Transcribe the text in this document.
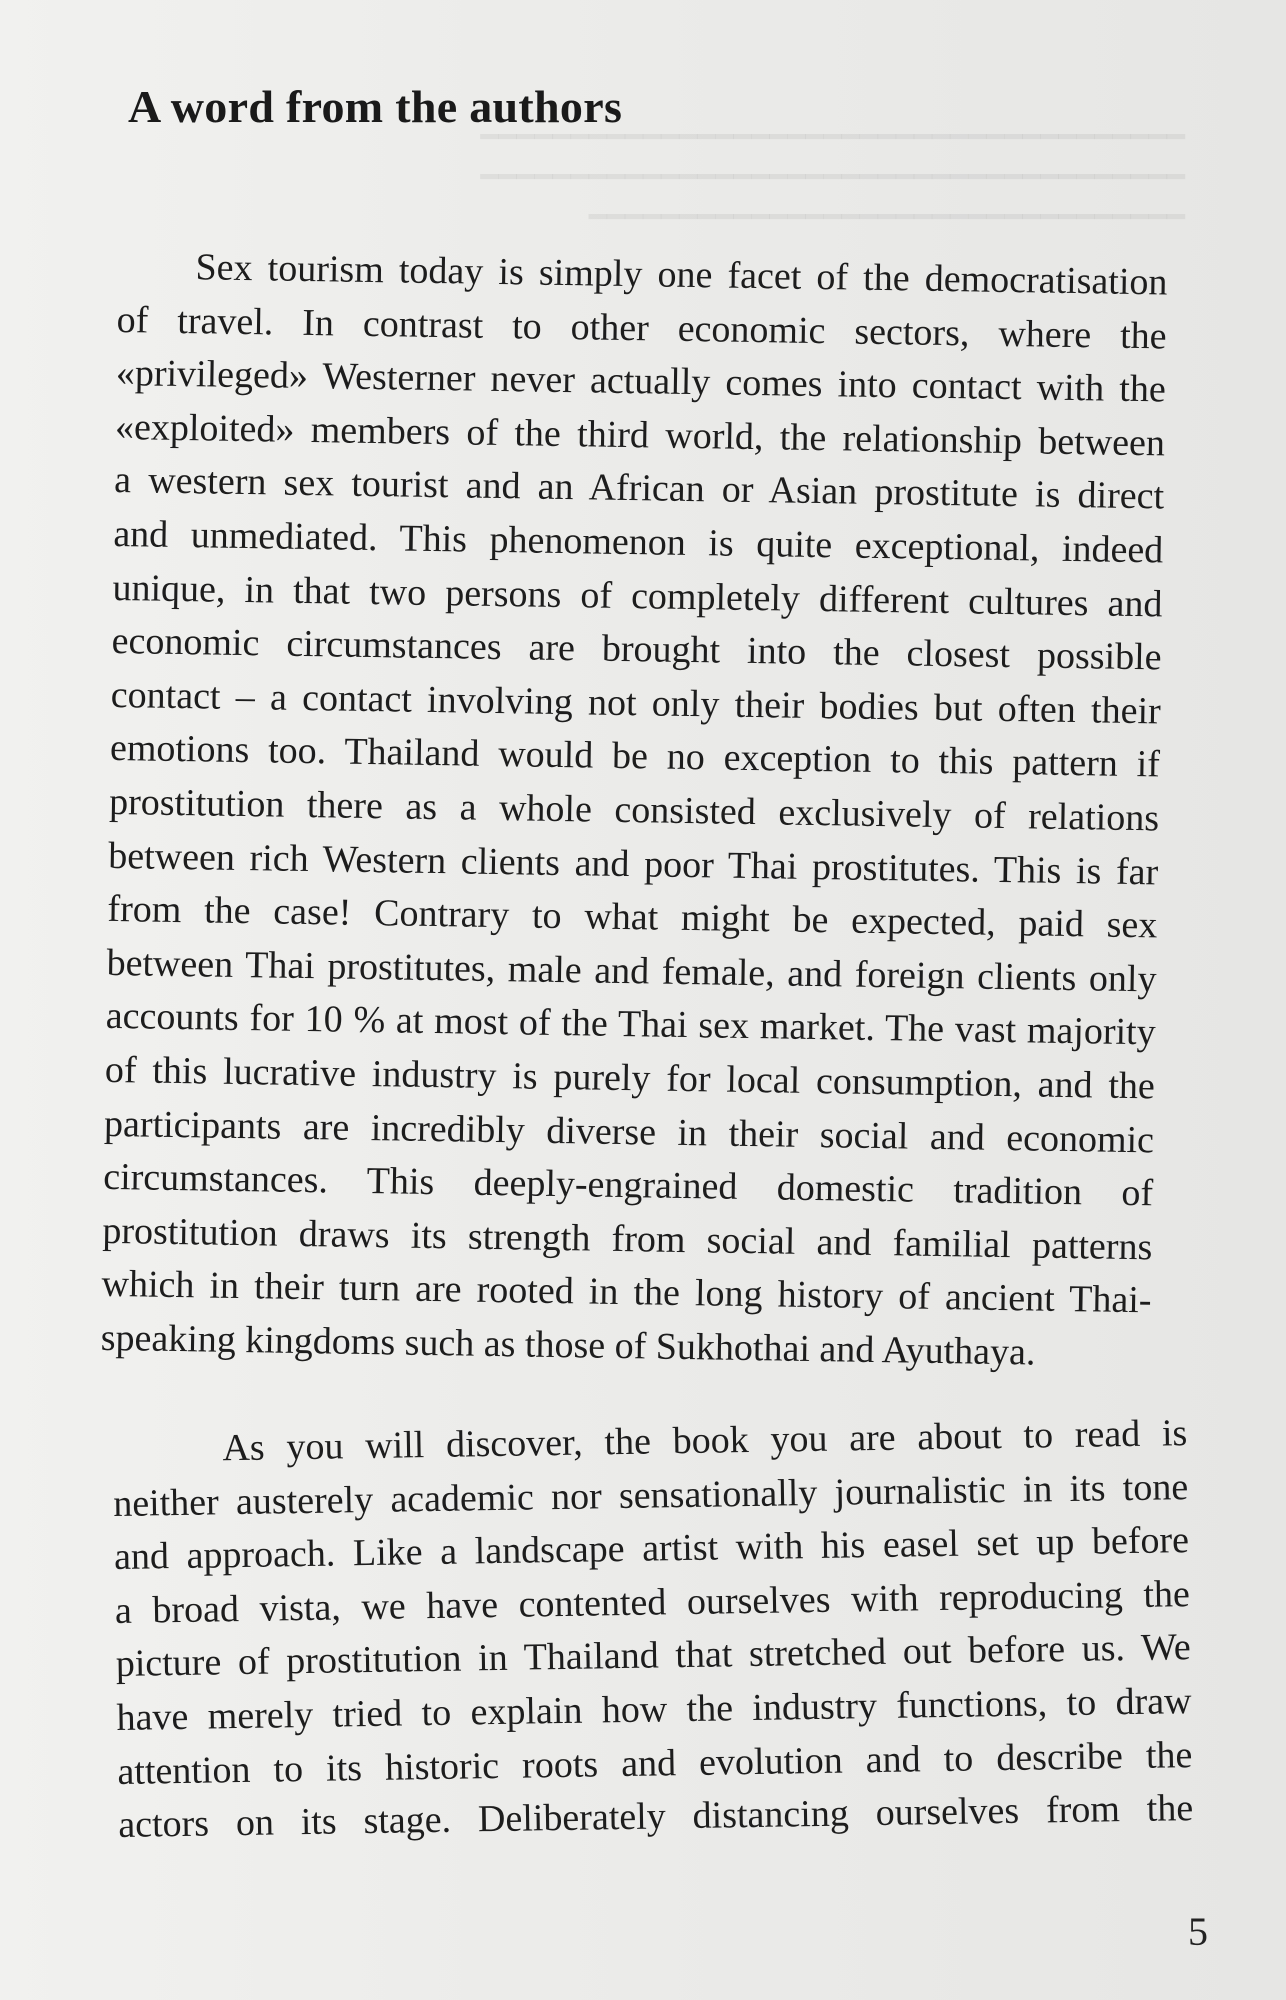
━━━━━━━━━━━━━━━━━━━━━━━━━━━━━━━━━━━━━━━
━━━━━━━━━━━━━━━━━━━━━━━━━━━━━━━━━━━━━━━
━━━━━━━━━━━━━━━━━━━━━━━━━━━━━━━━━
A word from the authors

Sex tourism today is simply one facet of the democratisation
of travel. In contrast to other economic sectors, where the
«privileged» Westerner never actually comes into contact with the
«exploited» members of the third world, the relationship between
a western sex tourist and an African or Asian prostitute is direct
and unmediated. This phenomenon is quite exceptional, indeed
unique, in that two persons of completely different cultures and
economic circumstances are brought into the closest possible
contact – a contact involving not only their bodies but often their
emotions too. Thailand would be no exception to this pattern if
prostitution there as a whole consisted exclusively of relations
between rich Western clients and poor Thai prostitutes. This is far
from the case! Contrary to what might be expected, paid sex
between Thai prostitutes, male and female, and foreign clients only
accounts for 10 % at most of the Thai sex market. The vast majority
of this lucrative industry is purely for local consumption, and the
participants are incredibly diverse in their social and economic
circumstances. This deeply-engrained domestic tradition of
prostitution draws its strength from social and familial patterns
which in their turn are rooted in the long history of ancient Thai-
speaking kingdoms such as those of Sukhothai and Ayuthaya.

As you will discover, the book you are about to read is
neither austerely academic nor sensationally journalistic in its tone
and approach. Like a landscape artist with his easel set up before
a broad vista, we have contented ourselves with reproducing the
picture of prostitution in Thailand that stretched out before us. We
have merely tried to explain how the industry functions, to draw
attention to its historic roots and evolution and to describe the
actors on its stage. Deliberately distancing ourselves from the

5
